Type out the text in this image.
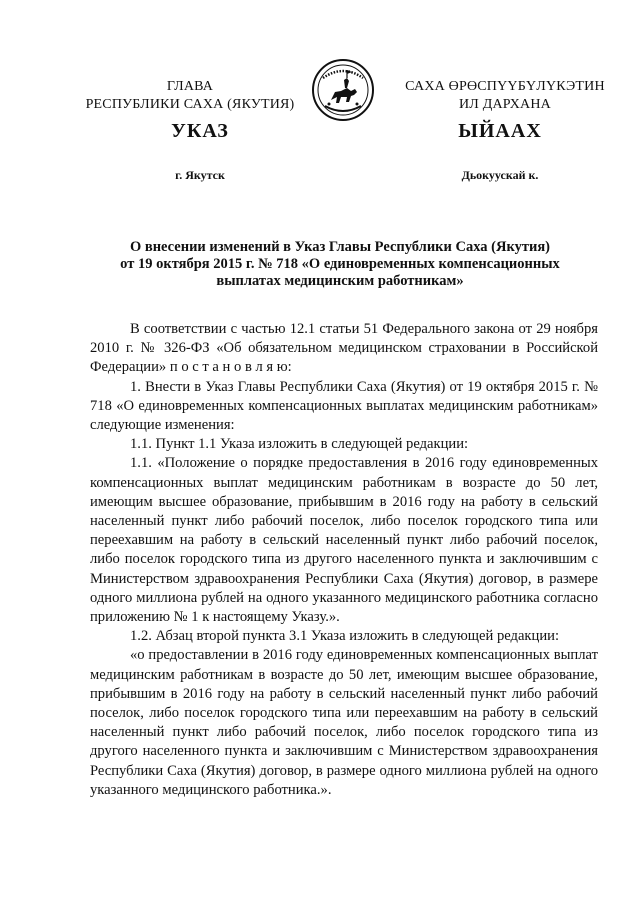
ГЛАВА
РЕСПУБЛИКИ САХА (ЯКУТИЯ)
САХА ӨРӨСПҮҮБҮЛҮКЭТИН
ИЛ ДАРХАНА
УКАЗ	ЫЙААХ
г. Якутск	Дьокуускай к.
О внесении изменений в Указ Главы Республики Саха (Якутия)
от 19 октября 2015 г. № 718 «О единовременных компенсационных
выплатах медицинским работникам»

В соответствии с частью 12.1 статьи 51 Федерального закона от 29 ноября 2010 г. № 326-ФЗ «Об обязательном медицинском страховании в Российской Федерации» п о с т а н о в л я ю:

1. Внести в Указ Главы Республики Саха (Якутия) от 19 октября 2015 г. № 718 «О единовременных компенсационных выплатах медицинским работникам» следующие изменения:

1.1. Пункт 1.1 Указа изложить в следующей редакции:

1.1. «Положение о порядке предоставления в 2016 году единовременных компенсационных выплат медицинским работникам в возрасте до 50 лет, имеющим высшее образование, прибывшим в 2016 году на работу в сельский населенный пункт либо рабочий поселок, либо поселок городского типа или переехавшим на работу в сельский населенный пункт либо рабочий поселок, либо поселок городского типа из другого населенного пункта и заключившим с Министерством здравоохранения Республики Саха (Якутия) договор, в размере одного миллиона рублей на одного указанного медицинского работника согласно приложению № 1 к настоящему Указу.».

1.2. Абзац второй пункта 3.1 Указа изложить в следующей редакции:

«о предоставлении в 2016 году единовременных компенсационных выплат медицинским работникам в возрасте до 50 лет, имеющим высшее образование, прибывшим в 2016 году на работу в сельский населенный пункт либо рабочий поселок, либо поселок городского типа или переехавшим на работу в сельский населенный пункт либо рабочий поселок, либо поселок городского типа из другого населенного пункта и заключившим с Министерством здравоохранения Республики Саха (Якутия) договор, в размере одного миллиона рублей на одного указанного медицинского работника.».
